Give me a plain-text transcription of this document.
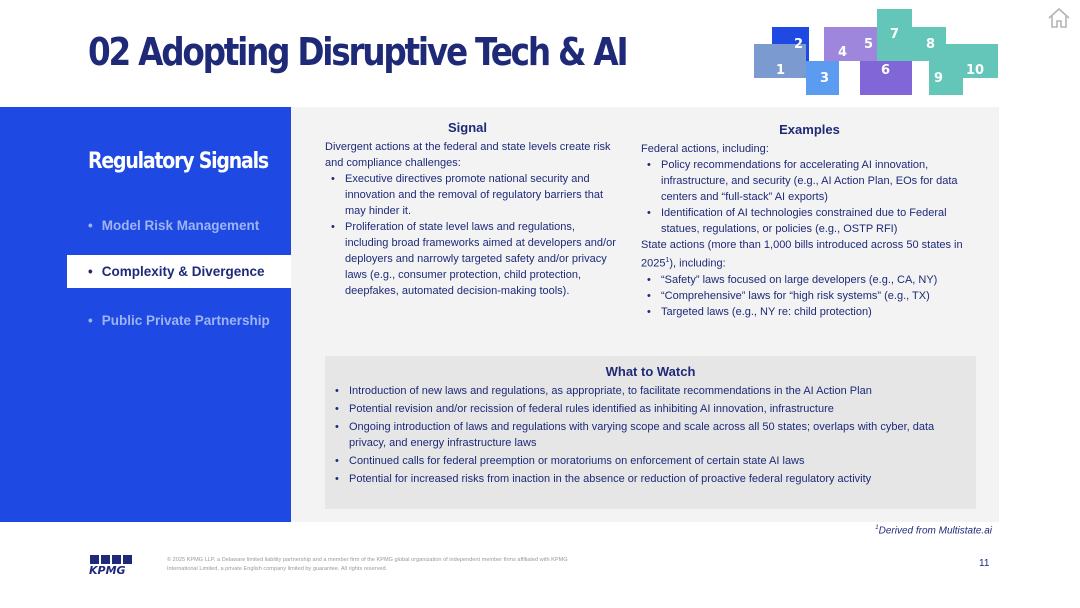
02 Adopting Disruptive Tech & AI	1
2
3
4
5
6
7
8
9
10
Regulatory Signals
• Model Risk Management
• Complexity & Divergence
• Public Private Partnership
Signal

Divergent actions at the federal and state levels create risk and compliance challenges:

• Executive directives promote national security and innovation and the removal of regulatory barriers that may hinder it.
• Proliferation of state level laws and regulations, including broad frameworks aimed at developers and/or deployers and narrowly targeted safety and/or privacy laws (e.g., consumer protection, child protection, deepfakes, automated decision-making tools).
Examples

Federal actions, including:

• Policy recommendations for accelerating AI innovation, infrastructure, and security (e.g., AI Action Plan, EOs for data centers and “full-stack” AI exports)
• Identification of AI technologies constrained due to Federal statues, regulations, or policies (e.g., OSTP RFI)

State actions (more than 1,000 bills introduced across 50 states in 2025$^1$), including:

• “Safety” laws focused on large developers (e.g., CA, NY)
• “Comprehensive” laws for “high risk systems” (e.g., TX)
• Targeted laws (e.g., NY re: child protection)
What to Watch
• Introduction of new laws and regulations, as appropriate, to facilitate recommendations in the AI Action Plan
• Potential revision and/or recission of federal rules identified as inhibiting AI innovation, infrastructure
• Ongoing introduction of laws and regulations with varying scope and scale across all 50 states; overlaps with cyber, data privacy, and energy infrastructure laws
• Continued calls for federal preemption or moratoriums on enforcement of certain state AI laws
• Potential for increased risks from inaction in the absence or reduction of proactive federal regulatory activity
$^1$Derived from Multistate.ai
KPMG
© 2025 KPMG LLP, a Delaware limited liability partnership and a member firm of the KPMG global organization of independent member firms affiliated with KPMG International Limited, a private English company limited by guarantee. All rights reserved.	11
